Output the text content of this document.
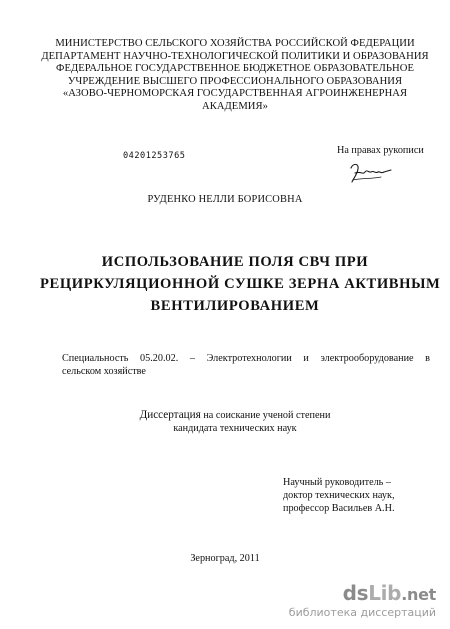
МИНИСТЕРСТВО СЕЛЬСКОГО ХОЗЯЙСТВА РОССИЙСКОЙ ФЕДЕРАЦИИ
ДЕПАРТАМЕНТ НАУЧНО-ТЕХНОЛОГИЧЕСКОЙ ПОЛИТИКИ И ОБРАЗОВАНИЯ
ФЕДЕРАЛЬНОЕ ГОСУДАРСТВЕННОЕ БЮДЖЕТНОЕ ОБРАЗОВАТЕЛЬНОЕ
УЧРЕЖДЕНИЕ ВЫСШЕГО ПРОФЕССИОНАЛЬНОГО ОБРАЗОВАНИЯ
«АЗОВО-ЧЕРНОМОРСКАЯ ГОСУДАРСТВЕННАЯ АГРОИНЖЕНЕРНАЯ
АКАДЕМИЯ»
04201253765	На правах рукописи
РУДЕНКО НЕЛЛИ БОРИСОВНА
ИСПОЛЬЗОВАНИЕ ПОЛЯ СВЧ ПРИ
РЕЦИРКУЛЯЦИОННОЙ СУШКЕ ЗЕРНА АКТИВНЫМ
ВЕНТИЛИРОВАНИЕМ
Специальность 05.20.02. – Электротехнологии и электрооборудование в
сельском хозяйстве
Диссертация на соискание ученой степени
кандидата технических наук
Научный руководитель –
доктор технических наук,
профессор Васильев А.Н.
Зерноград, 2011
dsLib.net
библиотека диссертаций
